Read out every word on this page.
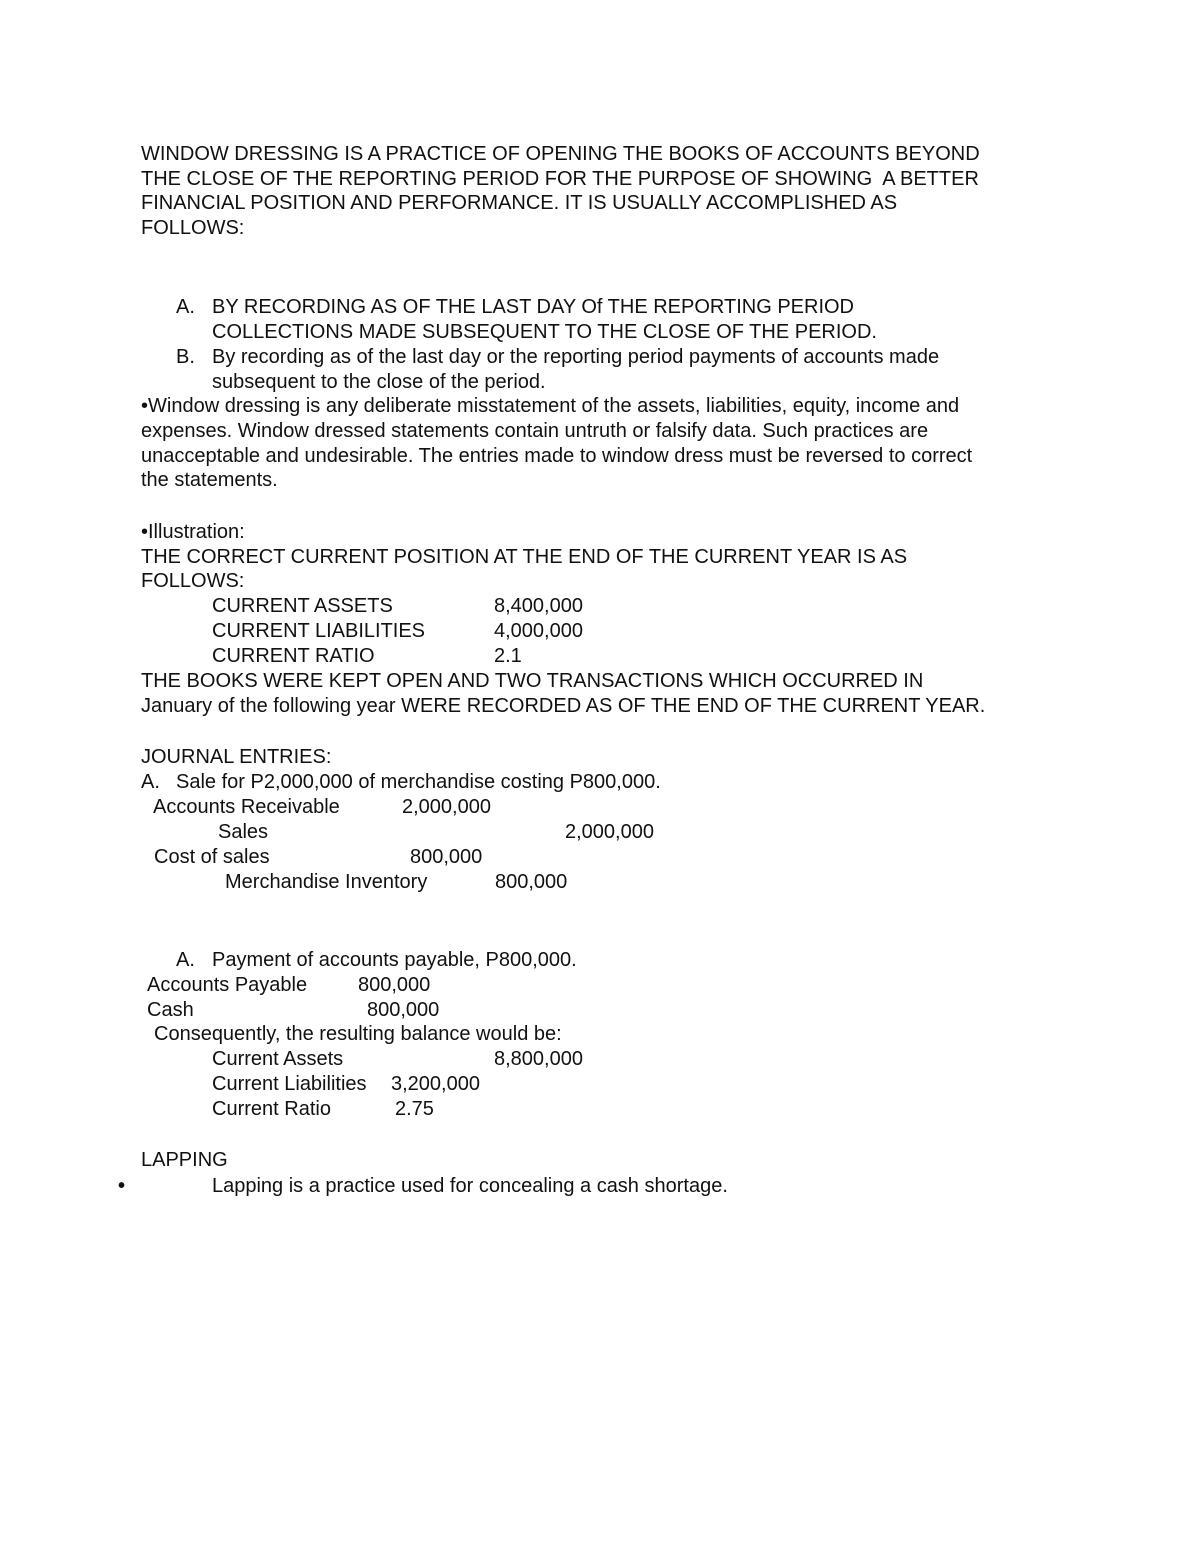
WINDOW DRESSING IS A PRACTICE OF OPENING THE BOOKS OF ACCOUNTS BEYOND

THE CLOSE OF THE REPORTING PERIOD FOR THE PURPOSE OF SHOWING  A BETTER

FINANCIAL POSITION AND PERFORMANCE. IT IS USUALLY ACCOMPLISHED AS

FOLLOWS:

A. BY RECORDING AS OF THE LAST DAY Of THE REPORTING PERIOD

COLLECTIONS MADE SUBSEQUENT TO THE CLOSE OF THE PERIOD.

B. By recording as of the last day or the reporting period payments of accounts made

subsequent to the close of the period.

•Window dressing is any deliberate misstatement of the assets, liabilities, equity, income and

expenses. Window dressed statements contain untruth or falsify data. Such practices are

unacceptable and undesirable. The entries made to window dress must be reversed to correct

the statements.

•Illustration:

THE CORRECT CURRENT POSITION AT THE END OF THE CURRENT YEAR IS AS

FOLLOWS:

CURRENT ASSETS	8,400,000

CURRENT LIABILITIES	4,000,000

CURRENT RATIO	2.1

THE BOOKS WERE KEPT OPEN AND TWO TRANSACTIONS WHICH OCCURRED IN

January of the following year WERE RECORDED AS OF THE END OF THE CURRENT YEAR.

JOURNAL ENTRIES:

A. Sale for P2,000,000 of merchandise costing P800,000.

Accounts Receivable	2,000,000

Sales	2,000,000

Cost of sales	800,000

Merchandise Inventory	800,000

A. Payment of accounts payable, P800,000.

Accounts Payable	800,000

Cash	800,000

Consequently, the resulting balance would be:

Current Assets	8,800,000

Current Liabilities 3,200,000

Current Ratio	2.75

LAPPING

•	Lapping is a practice used for concealing a cash shortage.
